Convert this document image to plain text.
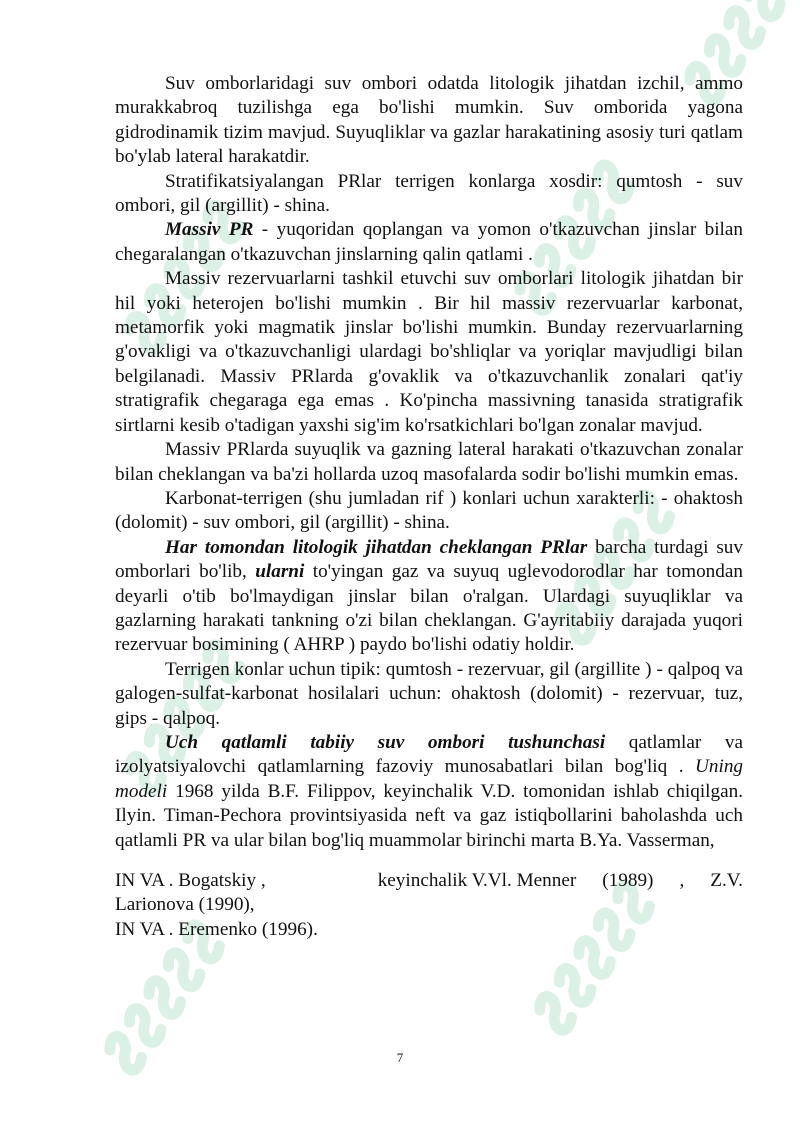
Suv omborlaridagi suv ombori odatda litologik jihatdan izchil, ammo murakkabroq tuzilishga ega bo'lishi mumkin. Suv omborida yagona gidrodinamik tizim mavjud. Suyuqliklar va gazlar harakatining asosiy turi qatlam bo'ylab lateral harakatdir.

Stratifikatsiyalangan PRlar terrigen konlarga xosdir: qumtosh - suv ombori, gil (argillit) - shina.

Massiv PR - yuqoridan qoplangan va yomon o'tkazuvchan jinslar bilan chegaralangan o'tkazuvchan jinslarning qalin qatlami .

Massiv rezervuarlarni tashkil etuvchi suv omborlari litologik jihatdan bir hil yoki heterojen bo'lishi mumkin . Bir hil massiv rezervuarlar karbonat, metamorfik yoki magmatik jinslar bo'lishi mumkin. Bunday rezervuarlarning g'ovakligi va o'tkazuvchanligi ulardagi bo'shliqlar va yoriqlar mavjudligi bilan belgilanadi. Massiv PRlarda g'ovaklik va o'tkazuvchanlik zonalari qat'iy stratigrafik chegaraga ega emas . Ko'pincha massivning tanasida stratigrafik sirtlarni kesib o'tadigan yaxshi sig'im ko'rsatkichlari bo'lgan zonalar mavjud.

Massiv PRlarda suyuqlik va gazning lateral harakati o'tkazuvchan zonalar bilan cheklangan va ba'zi hollarda uzoq masofalarda sodir bo'lishi mumkin emas.

Karbonat-terrigen (shu jumladan rif ) konlari uchun xarakterli: - ohaktosh (dolomit) - suv ombori, gil (argillit) - shina.

Har tomondan litologik jihatdan cheklangan PRlar barcha turdagi suv omborlari bo'lib, ularni to'yingan gaz va suyuq uglevodorodlar har tomondan deyarli o'tib bo'lmaydigan jinslar bilan o'ralgan. Ulardagi suyuqliklar va gazlarning harakati tankning o'zi bilan cheklangan. G'ayritabiiy darajada yuqori rezervuar bosimining ( AHRP ) paydo bo'lishi odatiy holdir.

Terrigen konlar uchun tipik: qumtosh - rezervuar, gil (argillite ) - qalpoq va galogen-sulfat-karbonat hosilalari uchun: ohaktosh (dolomit) - rezervuar, tuz, gips - qalpoq.

Uch qatlamli tabiiy suv ombori tushunchasi qatlamlar va izolyatsiyalovchi qatlamlarning fazoviy munosabatlari bilan bog'liq . Uning modeli 1968 yilda B.F. Filippov, keyinchalik V.D. tomonidan ishlab chiqilgan. Ilyin. Timan-Pechora provintsiyasida neft va gaz istiqbollarini baholashda uch qatlamli PR va ular bilan bog'liq muammolar birinchi marta B.Ya. Vasserman,

IN VA . Bogatskiy ,	keyinchalik V.Vl. Menner (1989) , Z.V.
Larionova (1990),
IN VA . Eremenko (1996).
7
